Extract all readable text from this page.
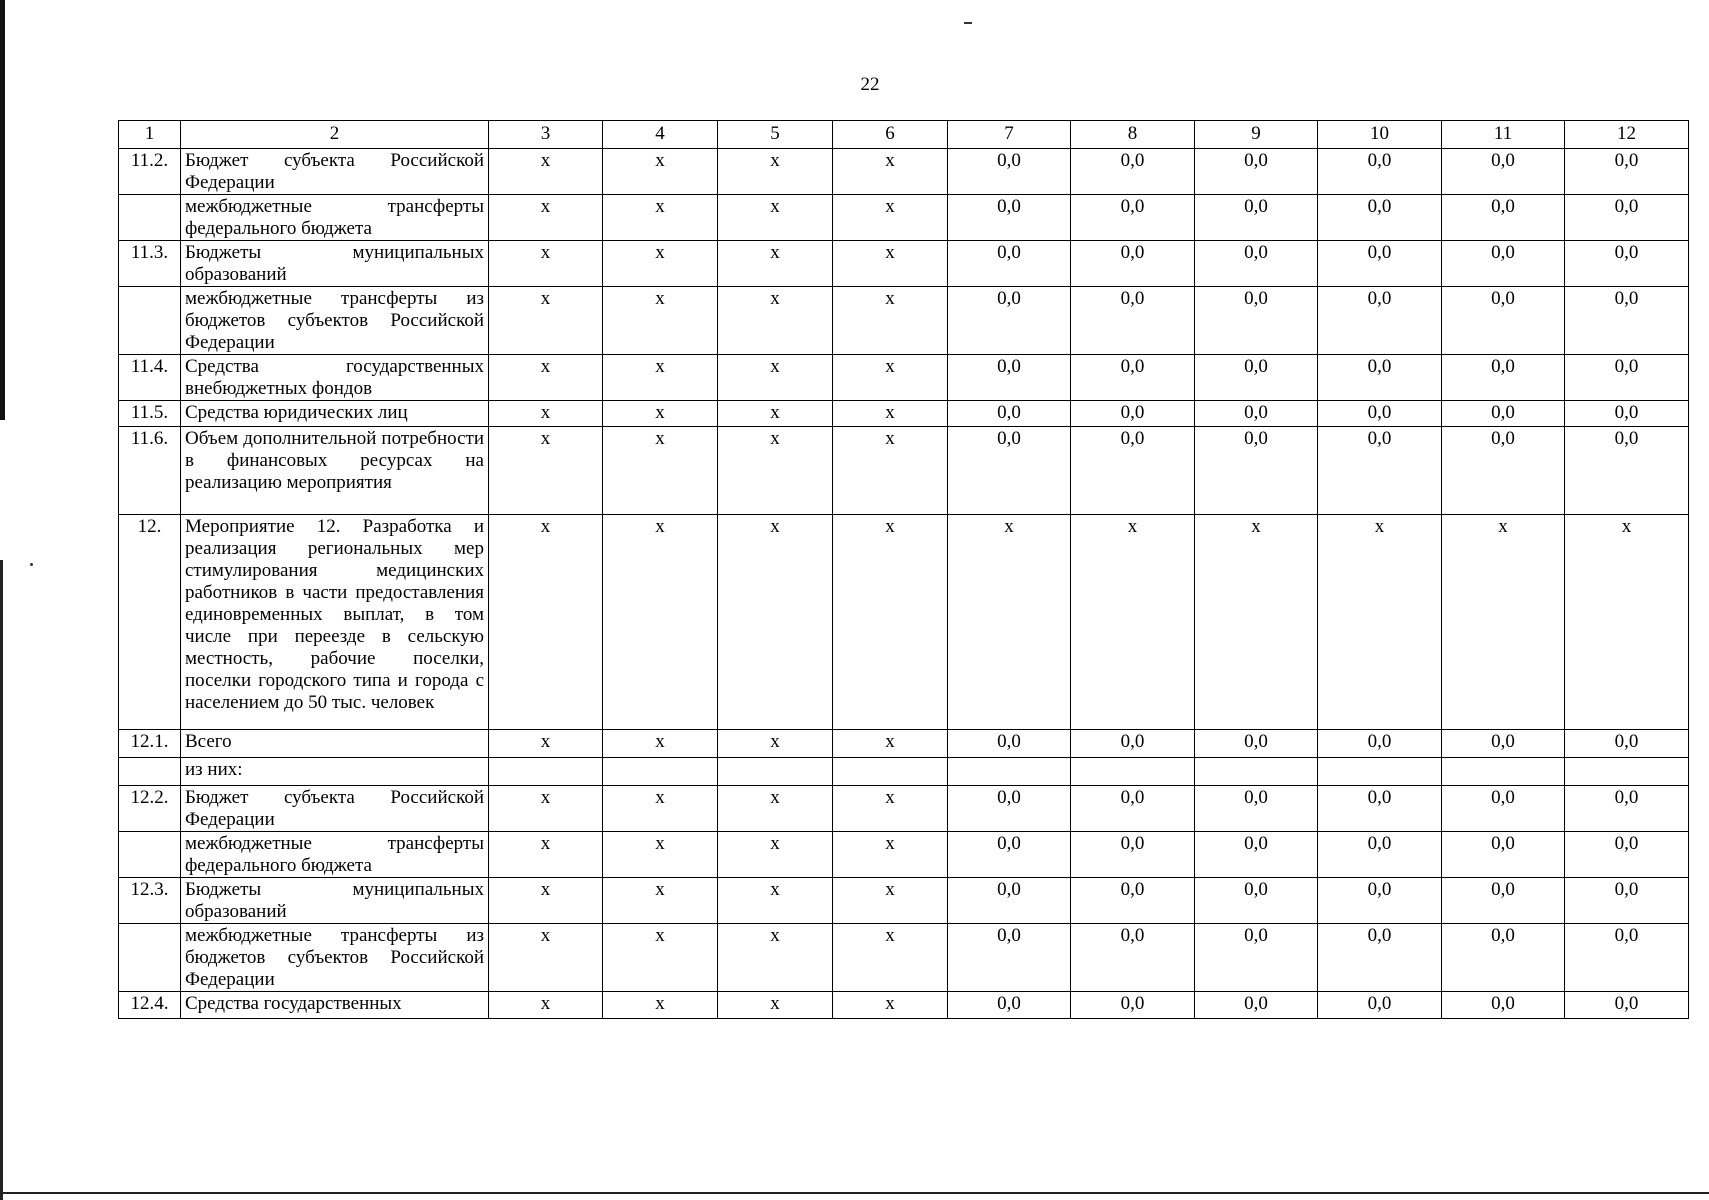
22
1	2	3	4	5	6	7	8	9	10	11	12
11.2.	Бюджет субъекта Российской Федерации	x	x	x	x	0,0	0,0	0,0	0,0	0,0	0,0
	межбюджетные трансферты федерального бюджета	x	x	x	x	0,0	0,0	0,0	0,0	0,0	0,0
11.3.	Бюджеты муниципальных образований	x	x	x	x	0,0	0,0	0,0	0,0	0,0	0,0
	межбюджетные трансферты из бюджетов субъектов Российской Федерации	x	x	x	x	0,0	0,0	0,0	0,0	0,0	0,0
11.4.	Средства государственных внебюджетных фондов	x	x	x	x	0,0	0,0	0,0	0,0	0,0	0,0
11.5.	Средства юридических лиц	x	x	x	x	0,0	0,0	0,0	0,0	0,0	0,0
11.6.	Объем дополнительной потребности в финансовых ресурсах на реализацию мероприятия	x	x	x	x	0,0	0,0	0,0	0,0	0,0	0,0
12.	Мероприятие 12. Разработка и реализация региональных мер стимулирования медицинских работников в части предоставления единовременных выплат, в том числе при переезде в сельскую местность, рабочие поселки, поселки городского типа и города с населением до 50 тыс. человек	x	x	x	x	x	x	x	x	x	x
12.1.	Всего	x	x	x	x	0,0	0,0	0,0	0,0	0,0	0,0
	из них:										
12.2.	Бюджет субъекта Российской Федерации	x	x	x	x	0,0	0,0	0,0	0,0	0,0	0,0
	межбюджетные трансферты федерального бюджета	x	x	x	x	0,0	0,0	0,0	0,0	0,0	0,0
12.3.	Бюджеты муниципальных образований	x	x	x	x	0,0	0,0	0,0	0,0	0,0	0,0
	межбюджетные трансферты из бюджетов субъектов Российской Федерации	x	x	x	x	0,0	0,0	0,0	0,0	0,0	0,0
12.4.	Средства государственных	x	x	x	x	0,0	0,0	0,0	0,0	0,0	0,0
